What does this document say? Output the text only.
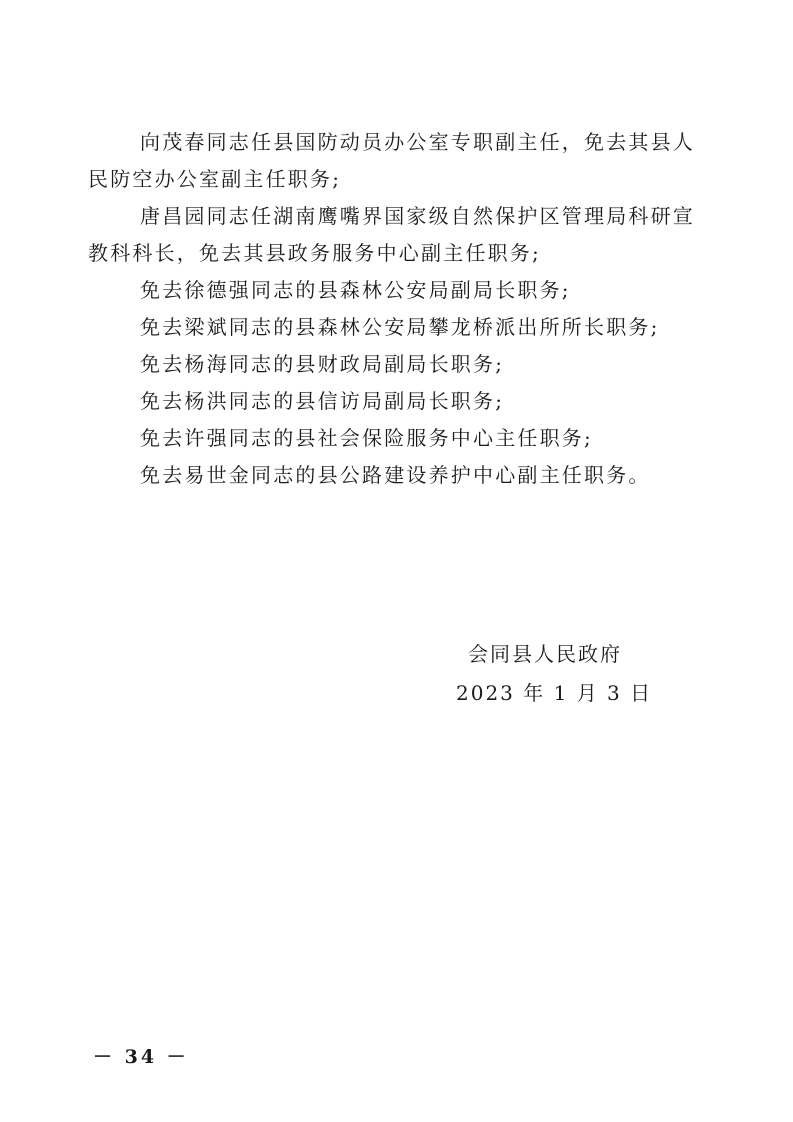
向茂春同志任县国防动员办公室专职副主任，免去其县人民防空办公室副主任职务;

唐昌园同志任湖南鹰嘴界国家级自然保护区管理局科研宣教科科长，免去其县政务服务中心副主任职务;

免去徐德强同志的县森林公安局副局长职务;

免去梁斌同志的县森林公安局攀龙桥派出所所长职务;

免去杨海同志的县财政局副局长职务;

免去杨洪同志的县信访局副局长职务;

免去许强同志的县社会保险服务中心主任职务;

免去易世金同志的县公路建设养护中心副主任职务。

会同县人民政府
2023 年 1 月 3 日
－ 34 －
